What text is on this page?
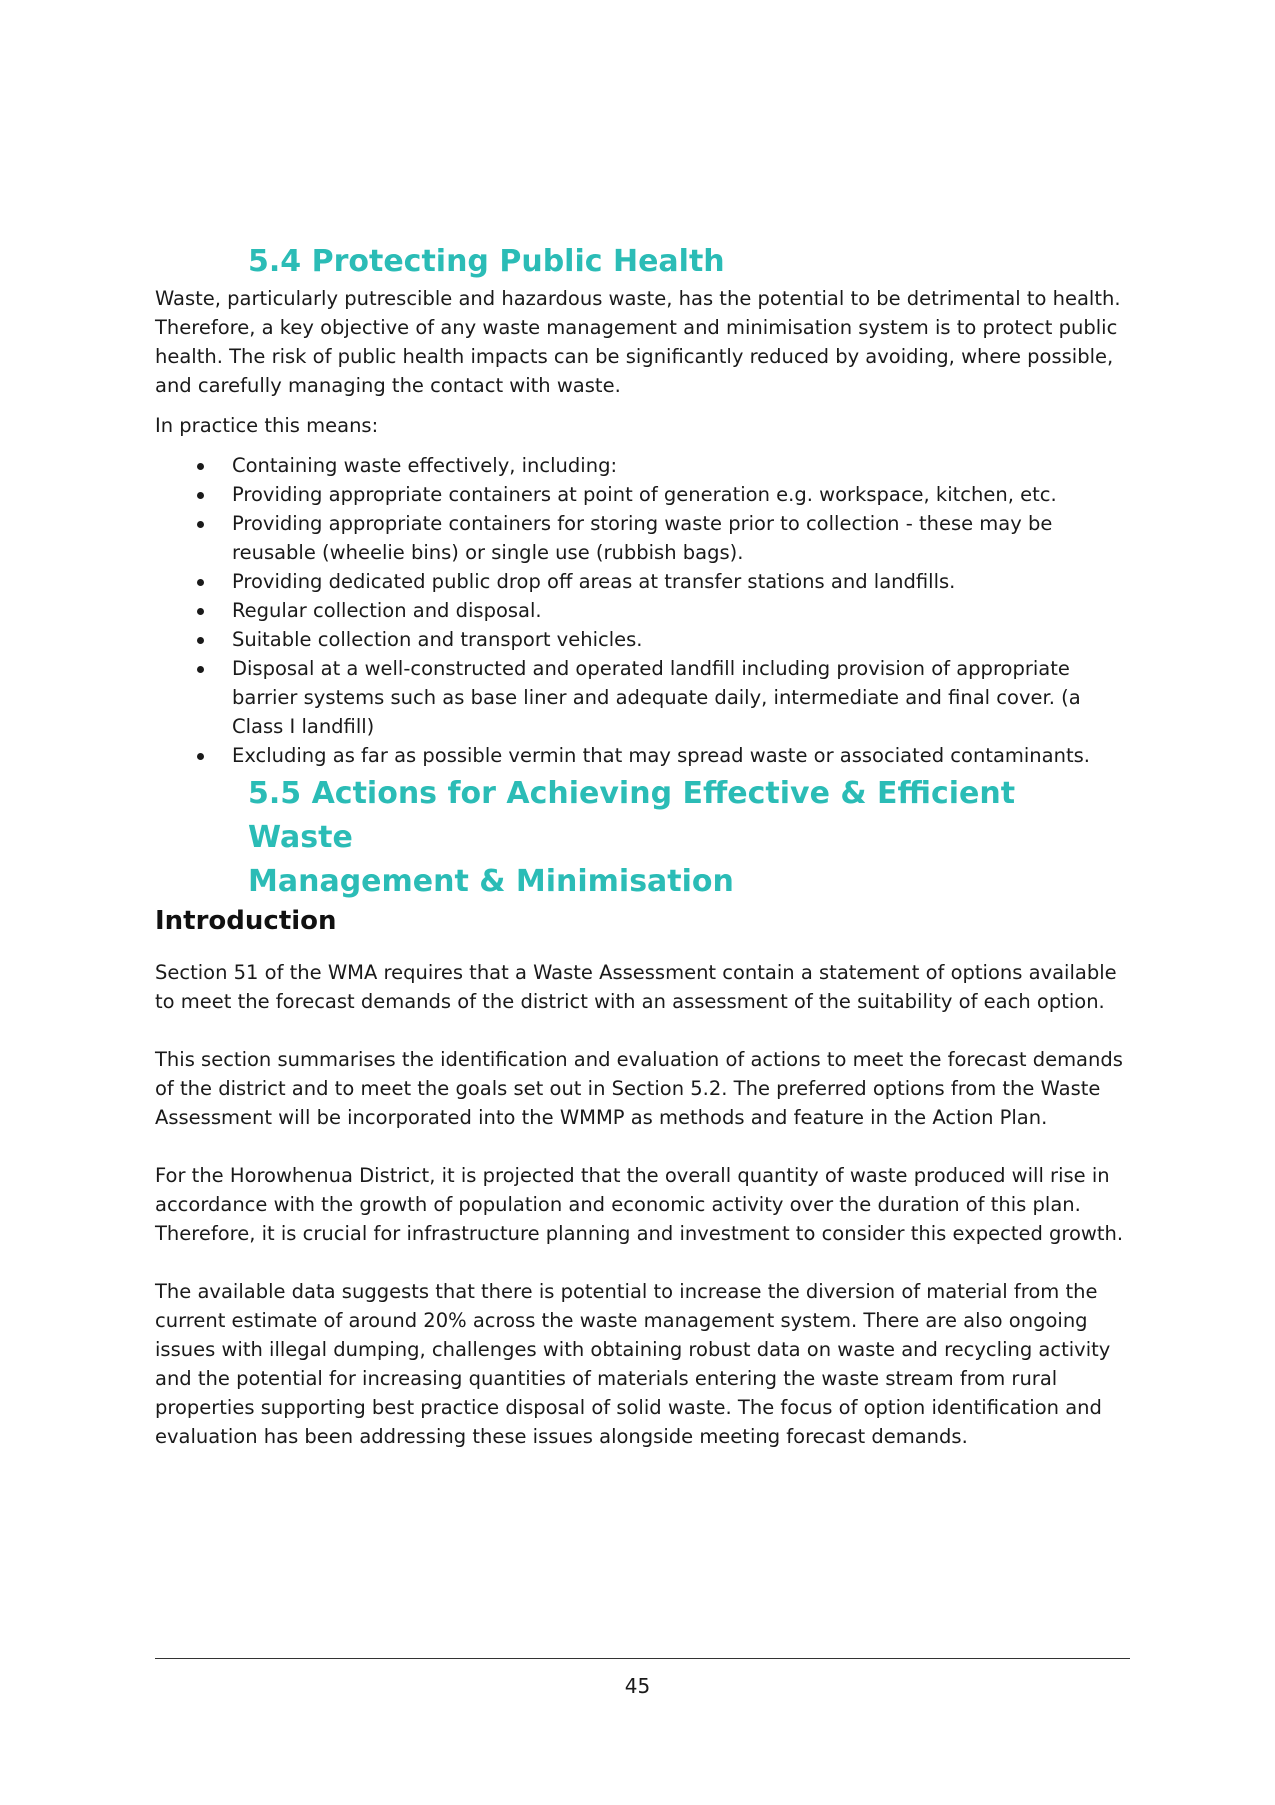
5.4 Protecting Public Health

Waste, particularly putrescible and hazardous waste, has the potential to be detrimental to health. Therefore, a key objective of any waste management and minimisation system is to protect public health. The risk of public health impacts can be significantly reduced by avoiding, where possible, and carefully managing the contact with waste.

In practice this means:

Containing waste effectively, including:
Providing appropriate containers at point of generation e.g. workspace, kitchen, etc.
Providing appropriate containers for storing waste prior to collection - these may be reusable (wheelie bins) or single use (rubbish bags).
Providing dedicated public drop off areas at transfer stations and landfills.
Regular collection and disposal.
Suitable collection and transport vehicles.
Disposal at a well-constructed and operated landfill including provision of appropriate barrier systems such as base liner and adequate daily, intermediate and final cover. (a Class I landfill)
Excluding as far as possible vermin that may spread waste or associated contaminants.
5.5 Actions for Achieving Effective & Efficient Waste
Management & Minimisation
Introduction

Section 51 of the WMA requires that a Waste Assessment contain a statement of options available to meet the forecast demands of the district with an assessment of the suitability of each option.

This section summarises the identification and evaluation of actions to meet the forecast demands of the district and to meet the goals set out in Section 5.2. The preferred options from the Waste Assessment will be incorporated into the WMMP as methods and feature in the Action Plan.

For the Horowhenua District, it is projected that the overall quantity of waste produced will rise in accordance with the growth of population and economic activity over the duration of this plan. Therefore, it is crucial for infrastructure planning and investment to consider this expected growth.

The available data suggests that there is potential to increase the diversion of material from the current estimate of around 20% across the waste management system. There are also ongoing issues with illegal dumping, challenges with obtaining robust data on waste and recycling activity and the potential for increasing quantities of materials entering the waste stream from rural properties supporting best practice disposal of solid waste. The focus of option identification and evaluation has been addressing these issues alongside meeting forecast demands.

45
